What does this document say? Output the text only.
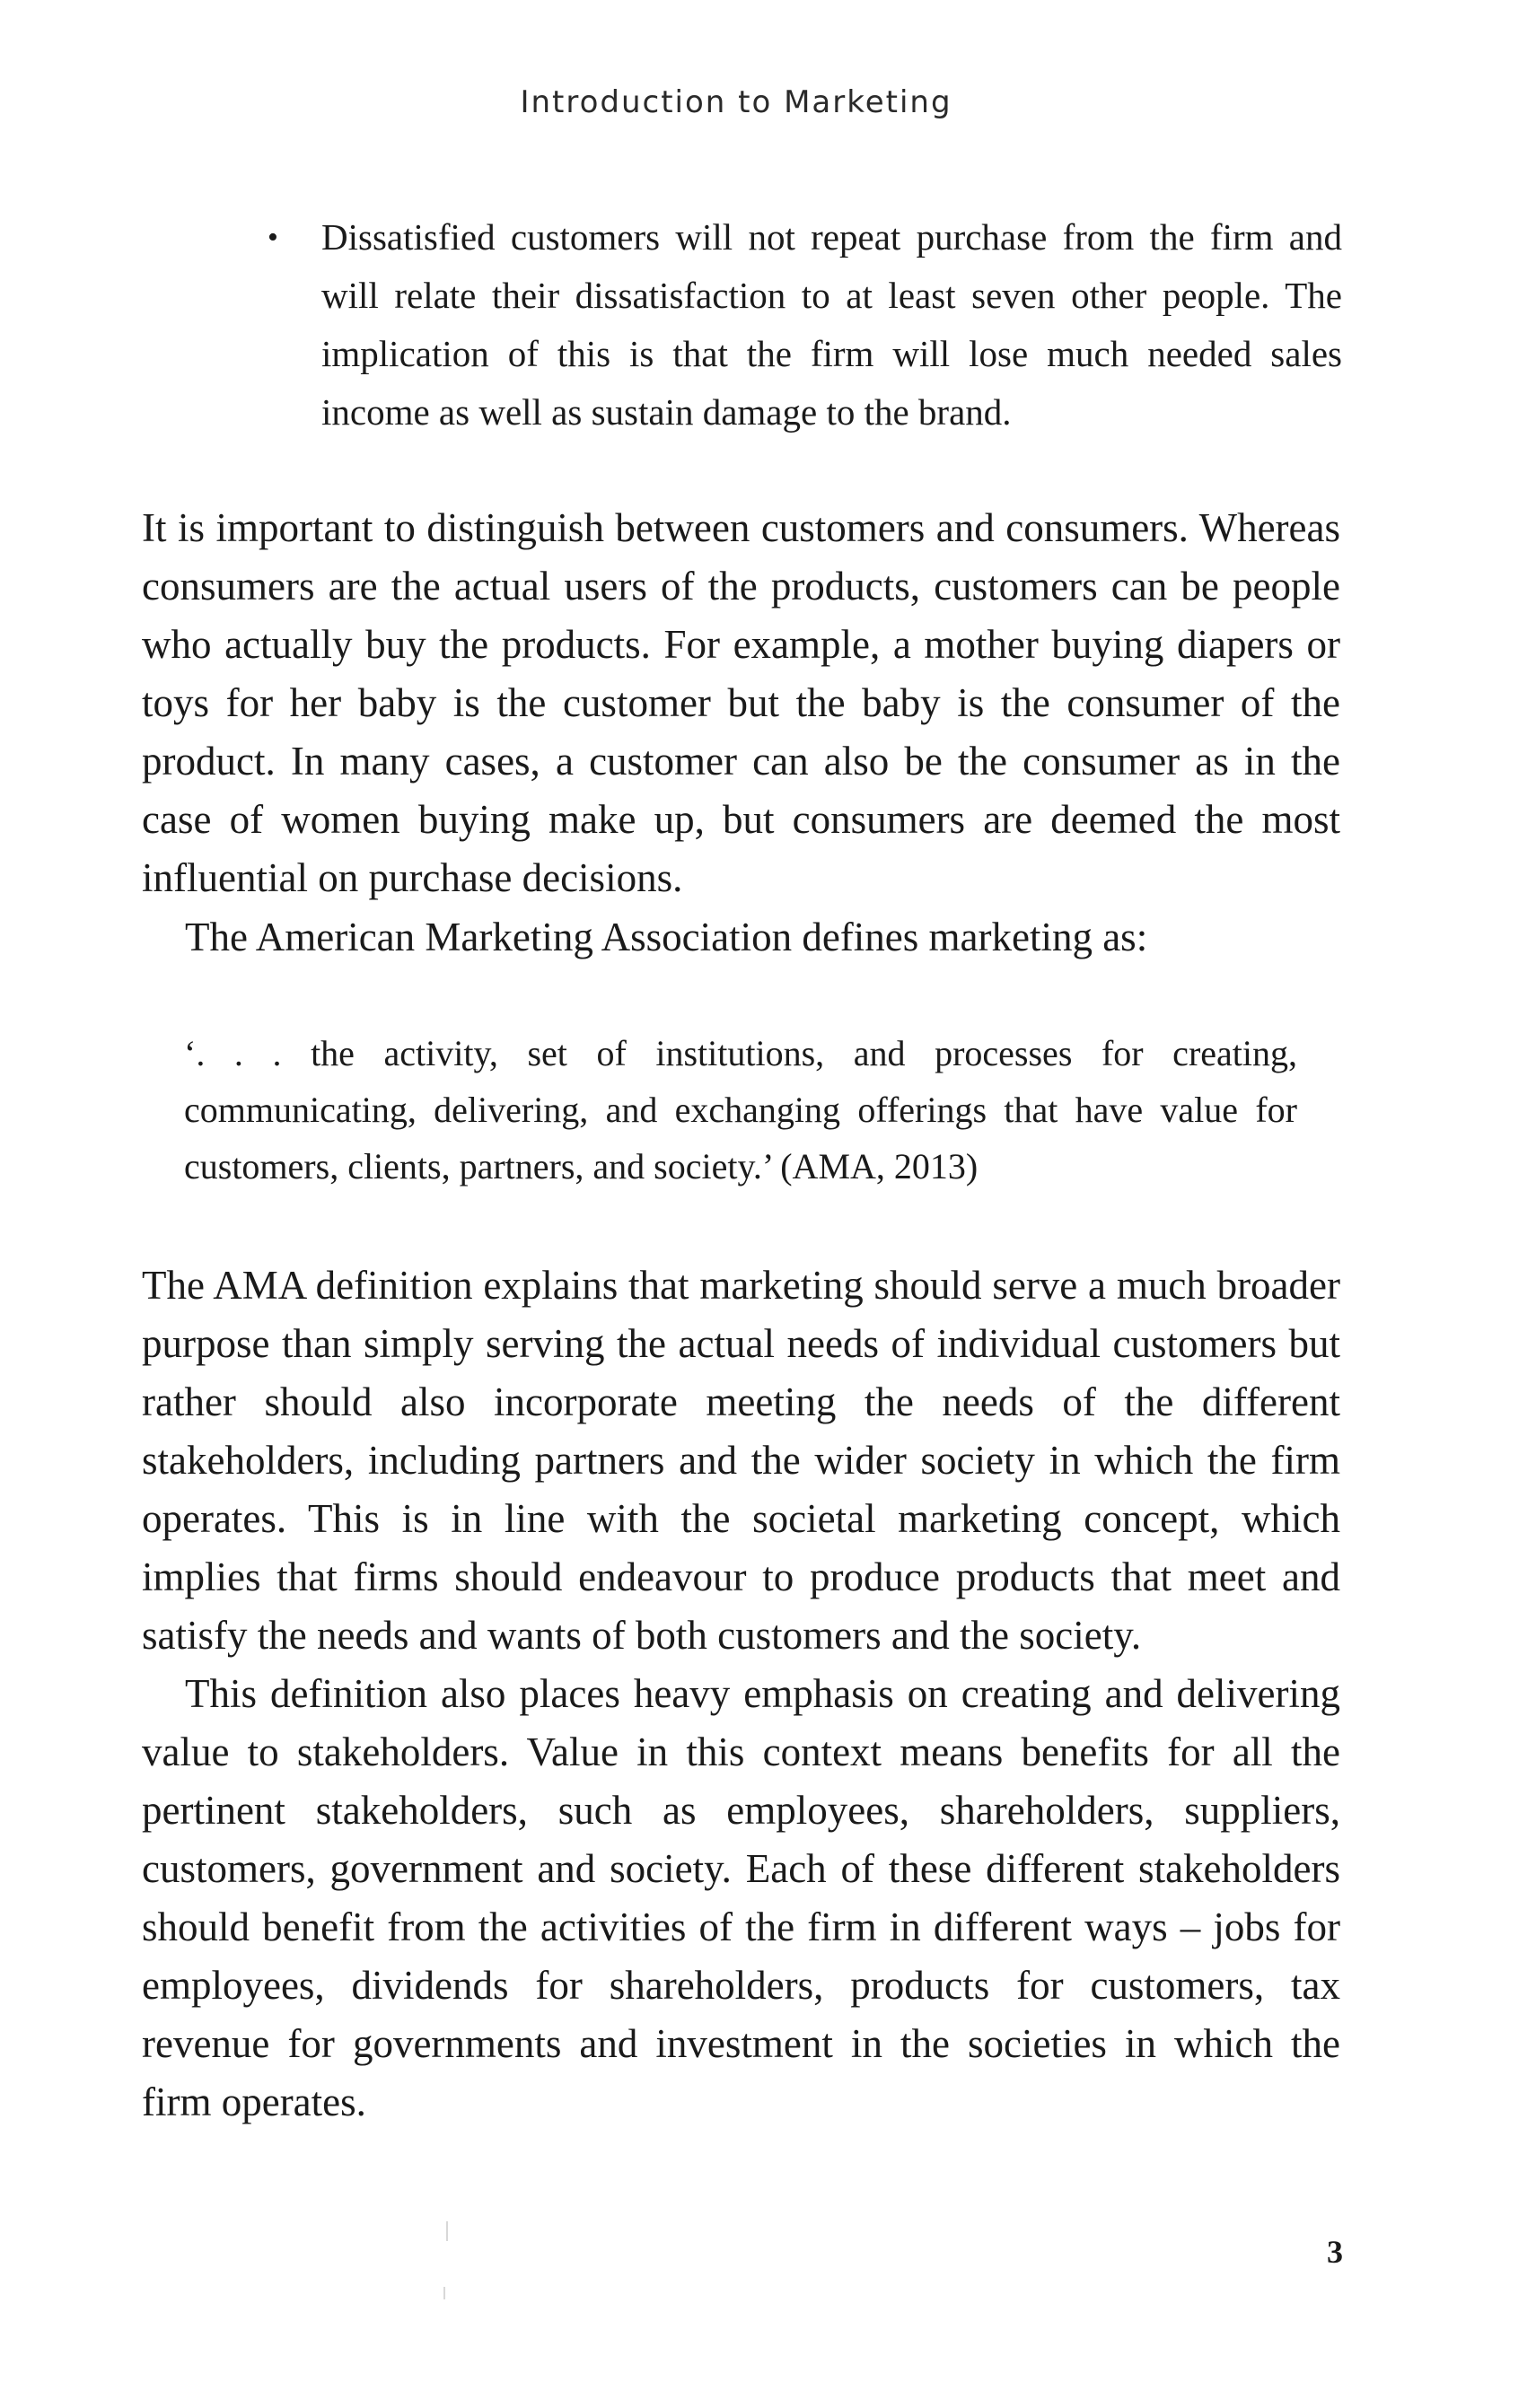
Introduction to Marketing
•	Dissatisfied customers will not repeat purchase from the firm and will relate their dissatisfaction to at least seven other people. The implication of this is that the firm will lose much needed sales income as well as sustain damage to the brand.

It is important to distinguish between customers and consumers. Whereas consumers are the actual users of the products, customers can be people who actually buy the products. For example, a mother buying diapers or toys for her baby is the customer but the baby is the consumer of the product. In many cases, a customer can also be the consumer as in the case of women buying make up, but consumers are deemed the most influential on purchase decisions.

The American Marketing Association defines marketing as:

‘. . . the activity, set of institutions, and processes for creating, communicating, delivering, and exchanging offerings that have value for customers, clients, partners, and society.’ (AMA, 2013)

The AMA definition explains that marketing should serve a much broader purpose than simply serving the actual needs of individual customers but rather should also incorporate meeting the needs of the different stakeholders, including partners and the wider society in which the firm operates. This is in line with the societal marketing concept, which implies that firms should endeavour to produce products that meet and satisfy the needs and wants of both customers and the society.

This definition also places heavy emphasis on creating and delivering value to stakeholders. Value in this context means benefits for all the pertinent stakeholders, such as employees, shareholders, suppliers, customers, government and society. Each of these different stakeholders should benefit from the activities of the firm in different ways – jobs for employees, dividends for shareholders, products for customers, tax revenue for governments and investment in the societies in which the firm operates.

3
